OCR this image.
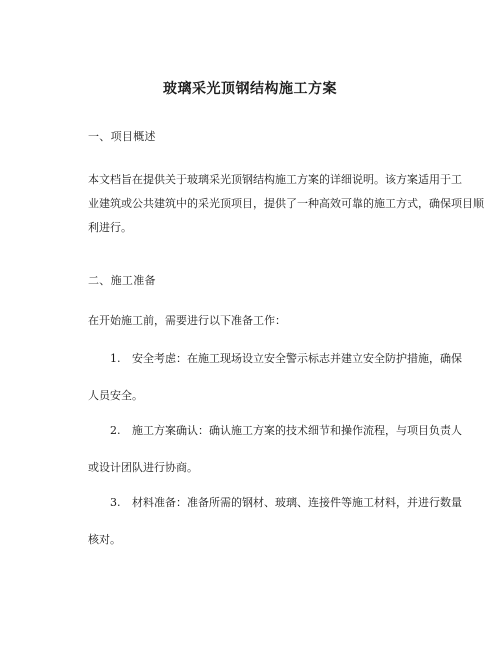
玻璃采光顶钢结构施工方案

一、项目概述

本文档旨在提供关于玻璃采光顶钢结构施工方案的详细说明。该方案适用于工
业建筑或公共建筑中的采光顶项目，提供了一种高效可靠的施工方式，确保项目顺
利进行。

二、施工准备

在开始施工前，需要进行以下准备工作：

1. 安全考虑：在施工现场设立安全警示标志并建立安全防护措施，确保
人员安全。
2. 施工方案确认：确认施工方案的技术细节和操作流程，与项目负责人
或设计团队进行协商。
3. 材料准备：准备所需的钢材、玻璃、连接件等施工材料，并进行数量
核对。
